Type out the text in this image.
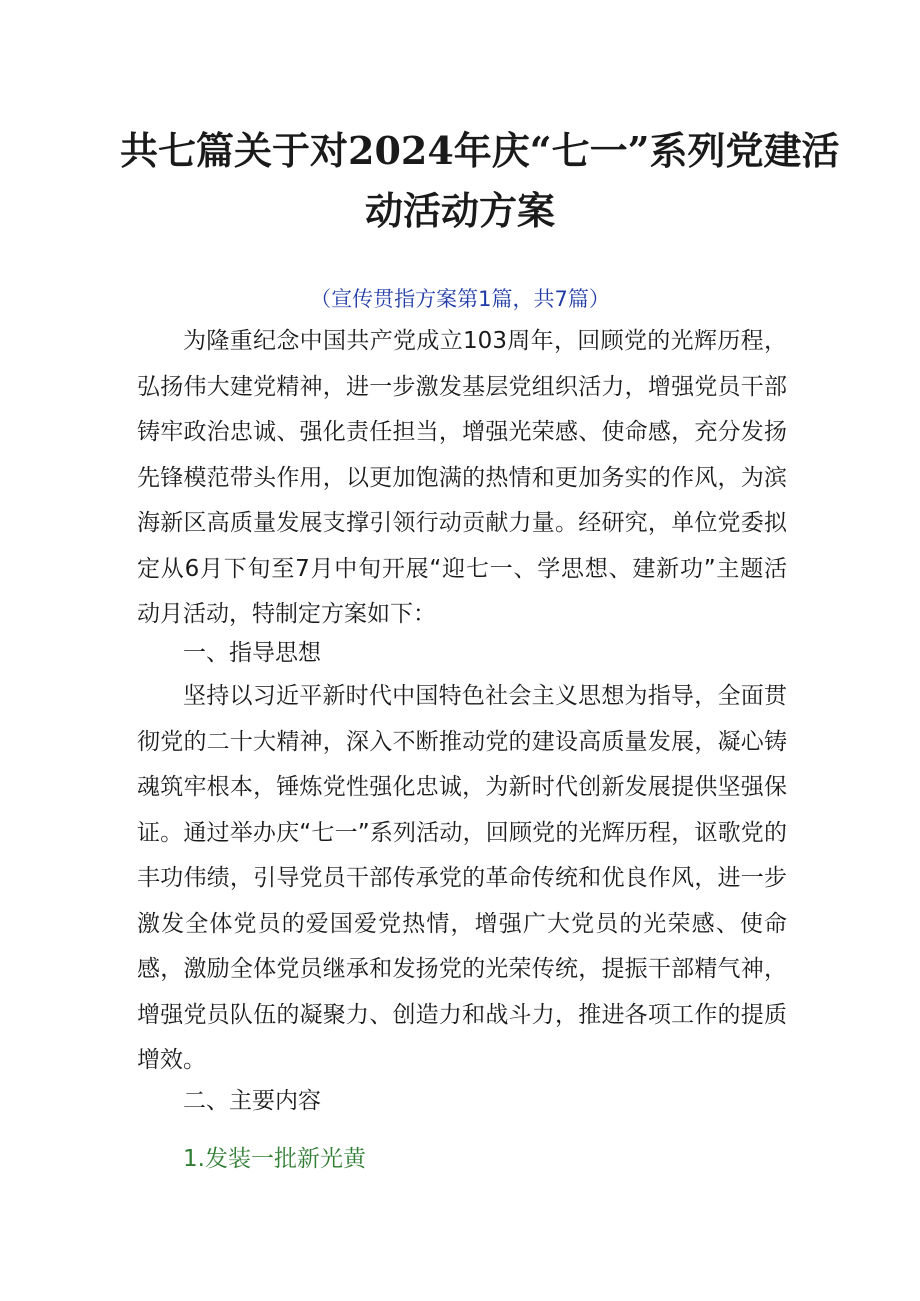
共七篇关于对2024年庆“七一”系列党建活
动活动方案
（宣传贯指方案第1篇，共7篇）

为隆重纪念中国共产党成立103周年，回顾党的光辉历程，弘扬伟大建党精神，进一步激发基层党组织活力，增强党员干部铸牢政治忠诚、强化责任担当，增强光荣感、使命感，充分发扬先锋模范带头作用，以更加饱满的热情和更加务实的作风，为滨海新区高质量发展支撑引领行动贡献力量。经研究，单位党委拟定从6月下旬至7月中旬开展“迎七一、学思想、建新功”主题活动月活动，特制定方案如下：

一、指导思想

坚持以习近平新时代中国特色社会主义思想为指导，全面贯彻党的二十大精神，深入不断推动党的建设高质量发展，凝心铸魂筑牢根本，锤炼党性强化忠诚，为新时代创新发展提供坚强保证。通过举办庆“七一”系列活动，回顾党的光辉历程，讴歌党的丰功伟绩，引导党员干部传承党的革命传统和优良作风，进一步激发全体党员的爱国爱党热情，增强广大党员的光荣感、使命感，激励全体党员继承和发扬党的光荣传统，提振干部精气神，增强党员队伍的凝聚力、创造力和战斗力，推进各项工作的提质增效。

二、主要内容
1.发装一批新光黄
